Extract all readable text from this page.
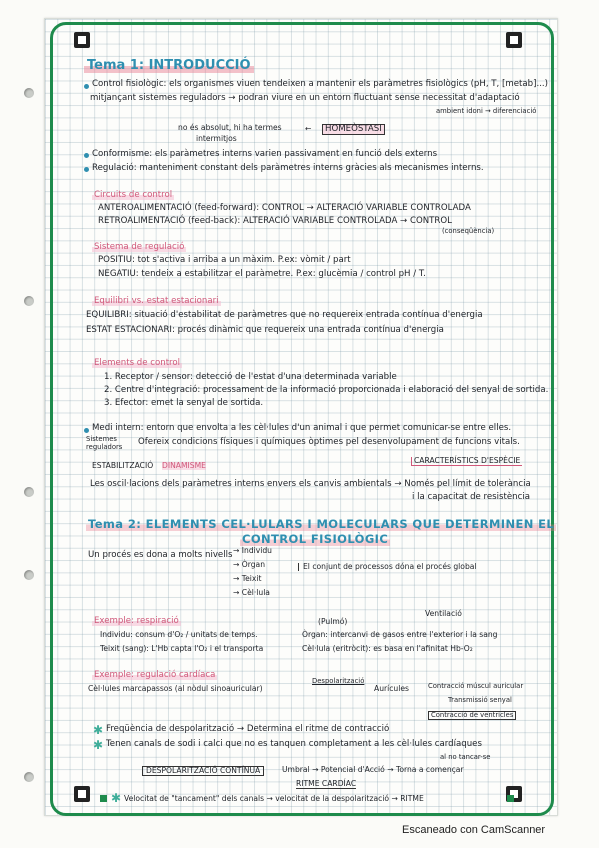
Tema 1: INTRODUCCIÓ
Control fisiològic: els organismes viuen tendeixen a mantenir els paràmetres fisiològics (pH, T, [metab]...)
mitjançant sistemes reguladors → podran viure en un entorn fluctuant sense necessitat d'adaptació
ambient idoni → diferenciació
no és absolut, hi ha termes
intermitjos
←	HOMEÒSTASI
Conformisme: els paràmetres interns varien passivament en funció dels externs
Regulació: manteniment constant dels paràmetres interns gràcies als mecanismes interns.
Circuits de control
ANTEROALIMENTACIÓ (feed-forward): CONTROL → ALTERACIÓ VARIABLE CONTROLADA
RETROALIMENTACIÓ (feed-back): ALTERACIÓ VARIABLE CONTROLADA → CONTROL
(conseqüència)
Sistema de regulació
POSITIU: tot s'activa i arriba a un màxim. P.ex: vòmit / part
NEGATIU: tendeix a estabilitzar el paràmetre. P.ex: glucèmia / control pH / T.
Equilibri vs. estat estacionari
EQUILIBRI: situació d'estabilitat de paràmetres que no requereix entrada contínua d'energia
ESTAT ESTACIONARI: procés dinàmic que requereix una entrada contínua d'energia
Elements de control
1. Receptor / sensor: detecció de l'estat d'una determinada variable
2. Centre d'integració: processament de la informació proporcionada i elaboració del senyal de sortida.
3. Efector: emet la senyal de sortida.
Medi intern: entorn que envolta a les cèl·lules d'un animal i que permet comunicar-se entre elles.
Sistemes
reguladors Ofereix condicions físiques i químiques òptimes pel desenvolupament de funcions vitals.
ESTABILITZACIÓ DINAMISME
CARACTERÍSTICS D'ESPÈCIE
Les oscil·lacions dels paràmetres interns envers els canvis ambientals → Només pel límit de tolerància
i la capacitat de resistència
Tema 2: ELEMENTS CEL·LULARS I MOLECULARS QUE DETERMINEN EL
CONTROL FISIOLÒGIC
Un procés es dona a molts nivells → Individu
→ Òrgan
→ Teixit
→ Cèl·lula
El conjunt de processos dóna el procés global
Exemple: respiració
Ventilació
(Pulmó)
Individu: consum d'O₂ / unitats de temps.	Òrgan: intercanvi de gasos entre l'exterior i la sang
Teixit (sang): L'Hb capta l'O₂ i el transporta	Cèl·lula (eritròcit): es basa en l'afinitat Hb-O₂
Exemple: regulació cardíaca
Cèl·lules marcapassos (al nòdul sinoauricular)
Despolarització
Aurícules	Contracció múscul auricular
Transmissió senyal
Contracció de ventricles
✱ Freqüència de despolarització → Determina el ritme de contracció
✱ Tenen canals de sodi i calci que no es tanquen completament a les cèl·lules cardíaques
al no tancar-se
DESPOLARITZACIÓ CONTÍNUA	Umbral → Potencial d'Acció → Torna a començar
RITME CARDÍAC
✱ Velocitat de "tancament" dels canals → velocitat de la despolarització → RITME
Escaneado con CamScanner
